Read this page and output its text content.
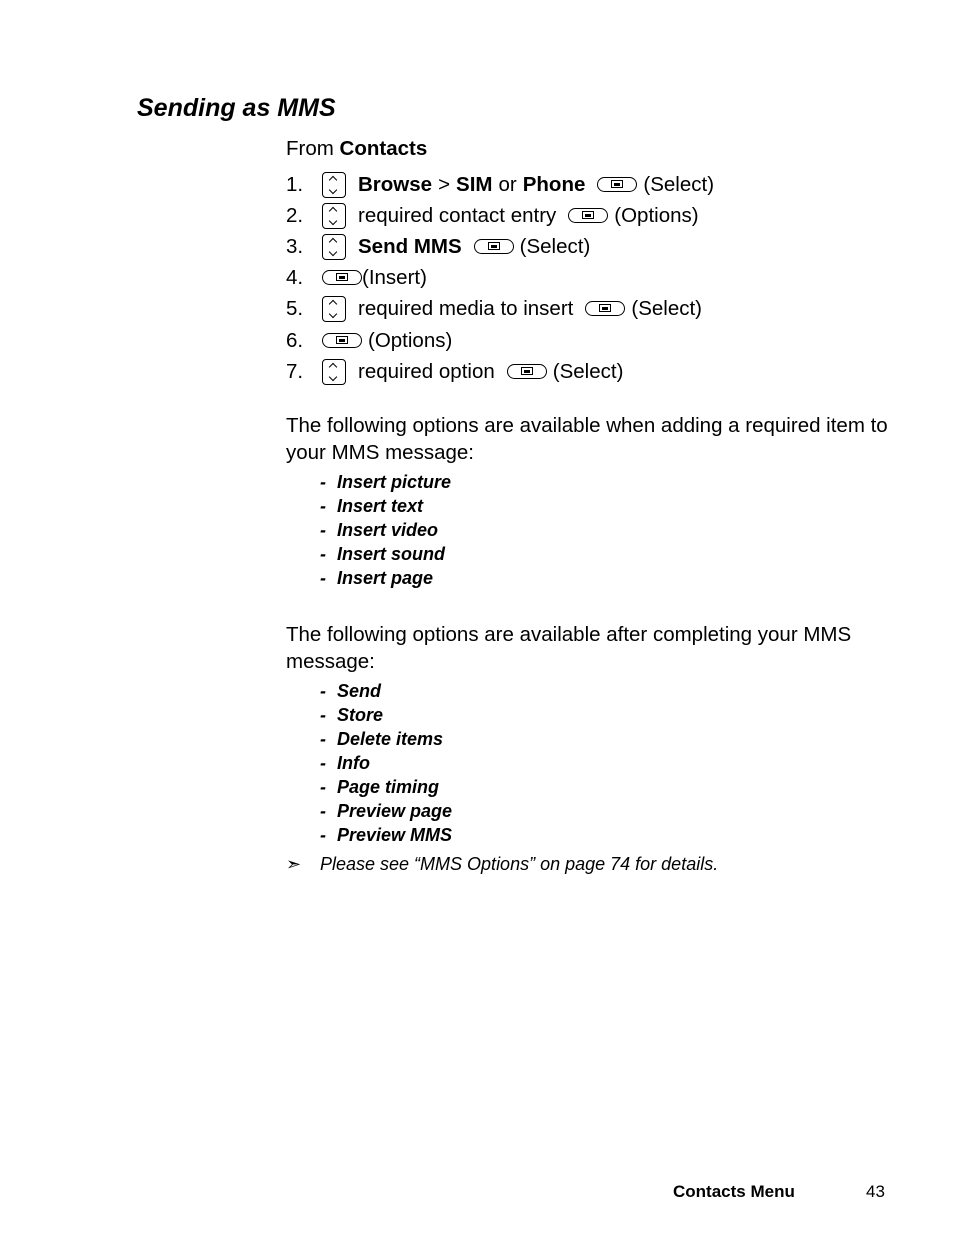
Sending as MMS
From Contacts
1.	Browse > SIM or Phone	(Select)
2.	required contact entry	(Options)
3.	Send MMS	(Select)
4.	(Insert)
5.	required media to insert	(Select)
6.	(Options)
7.	required option	(Select)
The following options are available when adding a required item to your MMS message:
- Insert picture
- Insert text
- Insert video
- Insert sound
- Insert page
The following options are available after completing your MMS message:
- Send
- Store
- Delete items
- Info
- Page timing
- Preview page
- Preview MMS
➣ Please see “MMS Options” on page 74 for details.
Contacts Menu	43
